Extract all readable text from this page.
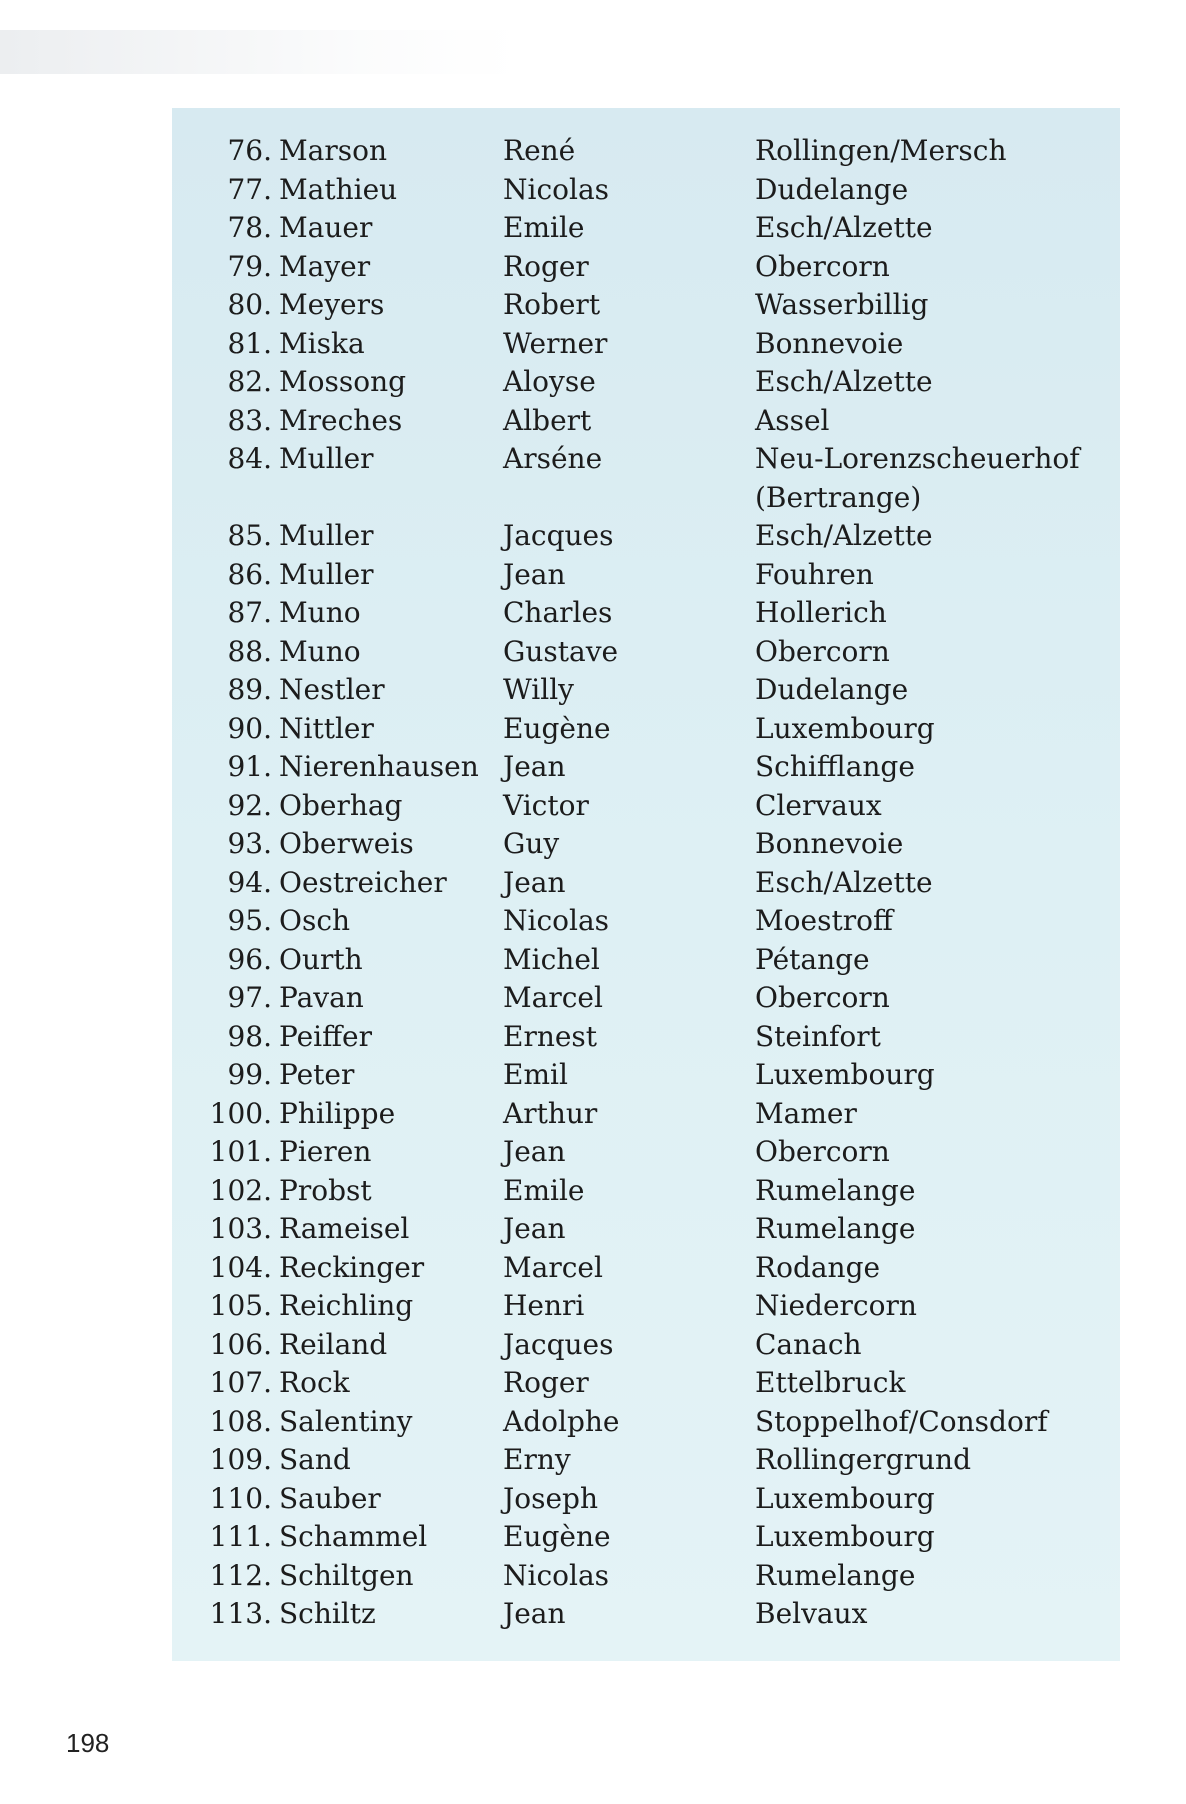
76. Marson	René	Rollingen/Mersch
77. Mathieu	Nicolas	Dudelange
78. Mauer	Emile	Esch/Alzette
79. Mayer	Roger	Obercorn
80. Meyers	Robert	Wasserbillig
81. Miska	Werner	Bonnevoie
82. Mossong	Aloyse	Esch/Alzette
83. Mreches	Albert	Assel
84. Muller	Arséne	Neu-Lorenzscheuerhof (Bertrange)
85. Muller	Jacques	Esch/Alzette
86. Muller	Jean	Fouhren
87. Muno	Charles	Hollerich
88. Muno	Gustave	Obercorn
89. Nestler	Willy	Dudelange
90. Nittler	Eugène	Luxembourg
91. Nierenhausen Jean	Schifflange
92. Oberhag	Victor	Clervaux
93. Oberweis	Guy	Bonnevoie
94. Oestreicher Jean	Esch/Alzette
95. Osch	Nicolas	Moestroff
96. Ourth	Michel	Pétange
97. Pavan	Marcel	Obercorn
98. Peiffer	Ernest	Steinfort
99. Peter	Emil	Luxembourg
100. Philippe	Arthur	Mamer
101. Pieren	Jean	Obercorn
102. Probst	Emile	Rumelange
103. Rameisel	Jean	Rumelange
104. Reckinger	Marcel	Rodange
105. Reichling	Henri	Niedercorn
106. Reiland	Jacques	Canach
107. Rock	Roger	Ettelbruck
108. Salentiny	Adolphe	Stoppelhof/Consdorf
109. Sand	Erny	Rollingergrund
110. Sauber	Joseph	Luxembourg
111. Schammel	Eugène	Luxembourg
112. Schiltgen	Nicolas	Rumelange
113. Schiltz	Jean	Belvaux
198
